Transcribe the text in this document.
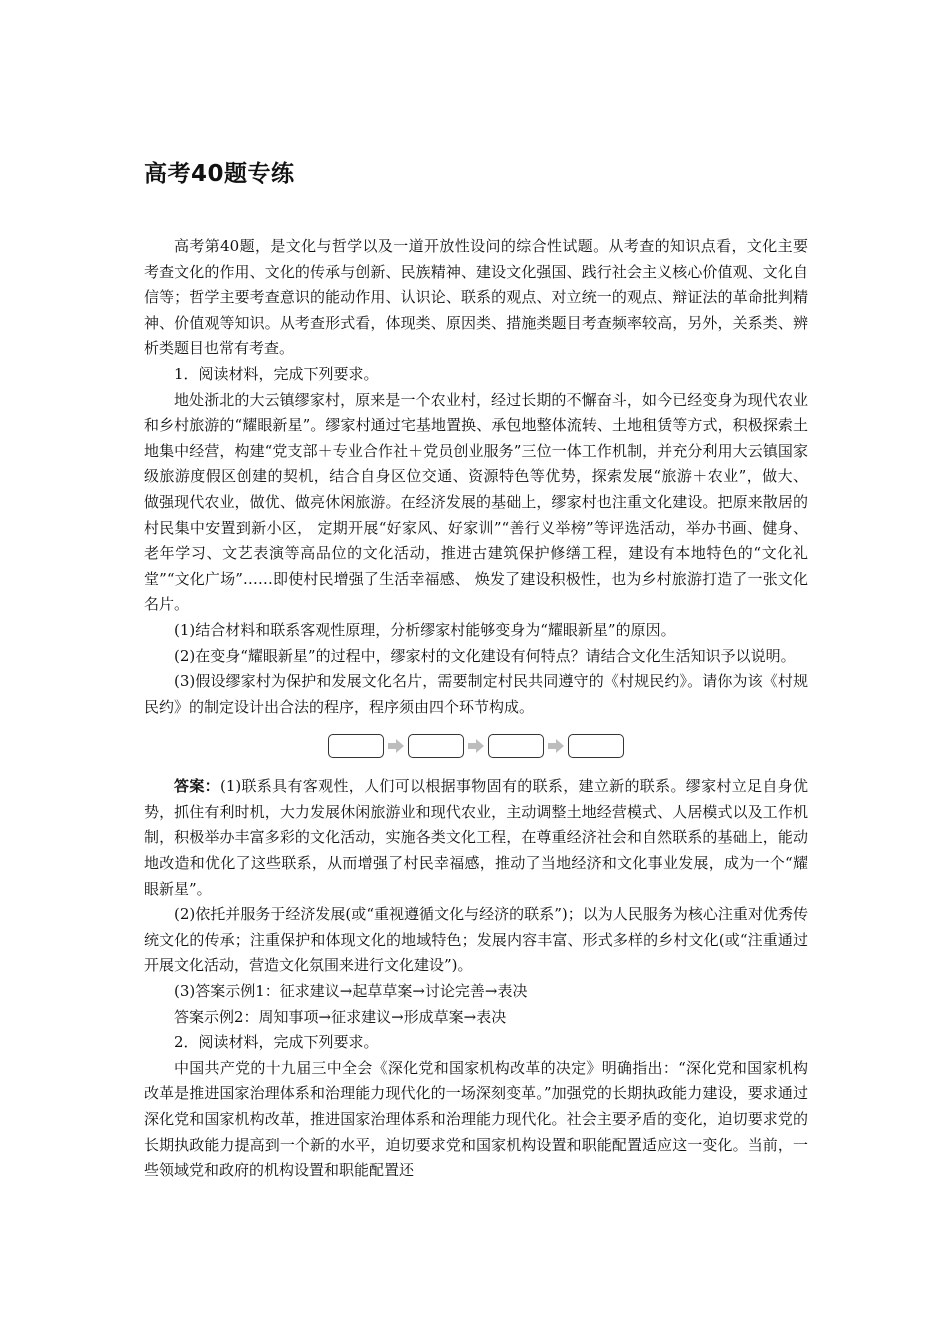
高考40题专练

高考第40题，是文化与哲学以及一道开放性设问的综合性试题。从考查的知识点看，文化主要考查文化的作用、文化的传承与创新、民族精神、建设文化强国、践行社会主义核心价值观、文化自信等；哲学主要考查意识的能动作用、认识论、联系的观点、对立统一的观点、辩证法的革命批判精神、价值观等知识。从考查形式看，体现类、原因类、措施类题目考查频率较高，另外，关系类、辨析类题目也常有考查。

1．阅读材料，完成下列要求。

地处浙北的大云镇缪家村，原来是一个农业村，经过长期的不懈奋斗，如今已经变身为现代农业和乡村旅游的“耀眼新星”。缪家村通过宅基地置换、承包地整体流转、土地租赁等方式，积极探索土地集中经营，构建“党支部＋专业合作社＋党员创业服务”三位一体工作机制，并充分利用大云镇国家级旅游度假区创建的契机，结合自身区位交通、资源特色等优势，探索发展“旅游＋农业”，做大、 做强现代农业，做优、做亮休闲旅游。在经济发展的基础上，缪家村也注重文化建设。把原来散居的村民集中安置到新小区， 定期开展“好家风、好家训”“善行义举榜”等评选活动，举办书画、健身、老年学习、文艺表演等高品位的文化活动，推进古建筑保护修缮工程，建设有本地特色的“文化礼堂”“文化广场”……即使村民增强了生活幸福感、 焕发了建设积极性，也为乡村旅游打造了一张文化名片。

(1)结合材料和联系客观性原理，分析缪家村能够变身为“耀眼新星”的原因。

(2)在变身“耀眼新星”的过程中，缪家村的文化建设有何特点？请结合文化生活知识予以说明。

(3)假设缪家村为保护和发展文化名片，需要制定村民共同遵守的《村规民约》。请你为该《村规民约》的制定设计出合法的程序，程序须由四个环节构成。

答案：(1)联系具有客观性，人们可以根据事物固有的联系，建立新的联系。缪家村立足自身优势，抓住有利时机，大力发展休闲旅游业和现代农业，主动调整土地经营模式、人居模式以及工作机制，积极举办丰富多彩的文化活动，实施各类文化工程，在尊重经济社会和自然联系的基础上，能动地改造和优化了这些联系，从而增强了村民幸福感，推动了当地经济和文化事业发展，成为一个“耀眼新星”。

(2)依托并服务于经济发展(或“重视遵循文化与经济的联系”)；以为人民服务为核心注重对优秀传统文化的传承；注重保护和体现文化的地域特色；发展内容丰富、形式多样的乡村文化(或“注重通过开展文化活动，营造文化氛围来进行文化建设”)。

(3)答案示例1：征求建议→起草草案→讨论完善→表决

答案示例2：周知事项→征求建议→形成草案→表决

2．阅读材料，完成下列要求。

中国共产党的十九届三中全会《深化党和国家机构改革的决定》明确指出：“深化党和国家机构改革是推进国家治理体系和治理能力现代化的一场深刻变革。”加强党的长期执政能力建设，要求通过深化党和国家机构改革，推进国家治理体系和治理能力现代化。社会主要矛盾的变化，迫切要求党的长期执政能力提高到一个新的水平，迫切要求党和国家机构设置和职能配置适应这一变化。当前，一些领域党和政府的机构设置和职能配置还
